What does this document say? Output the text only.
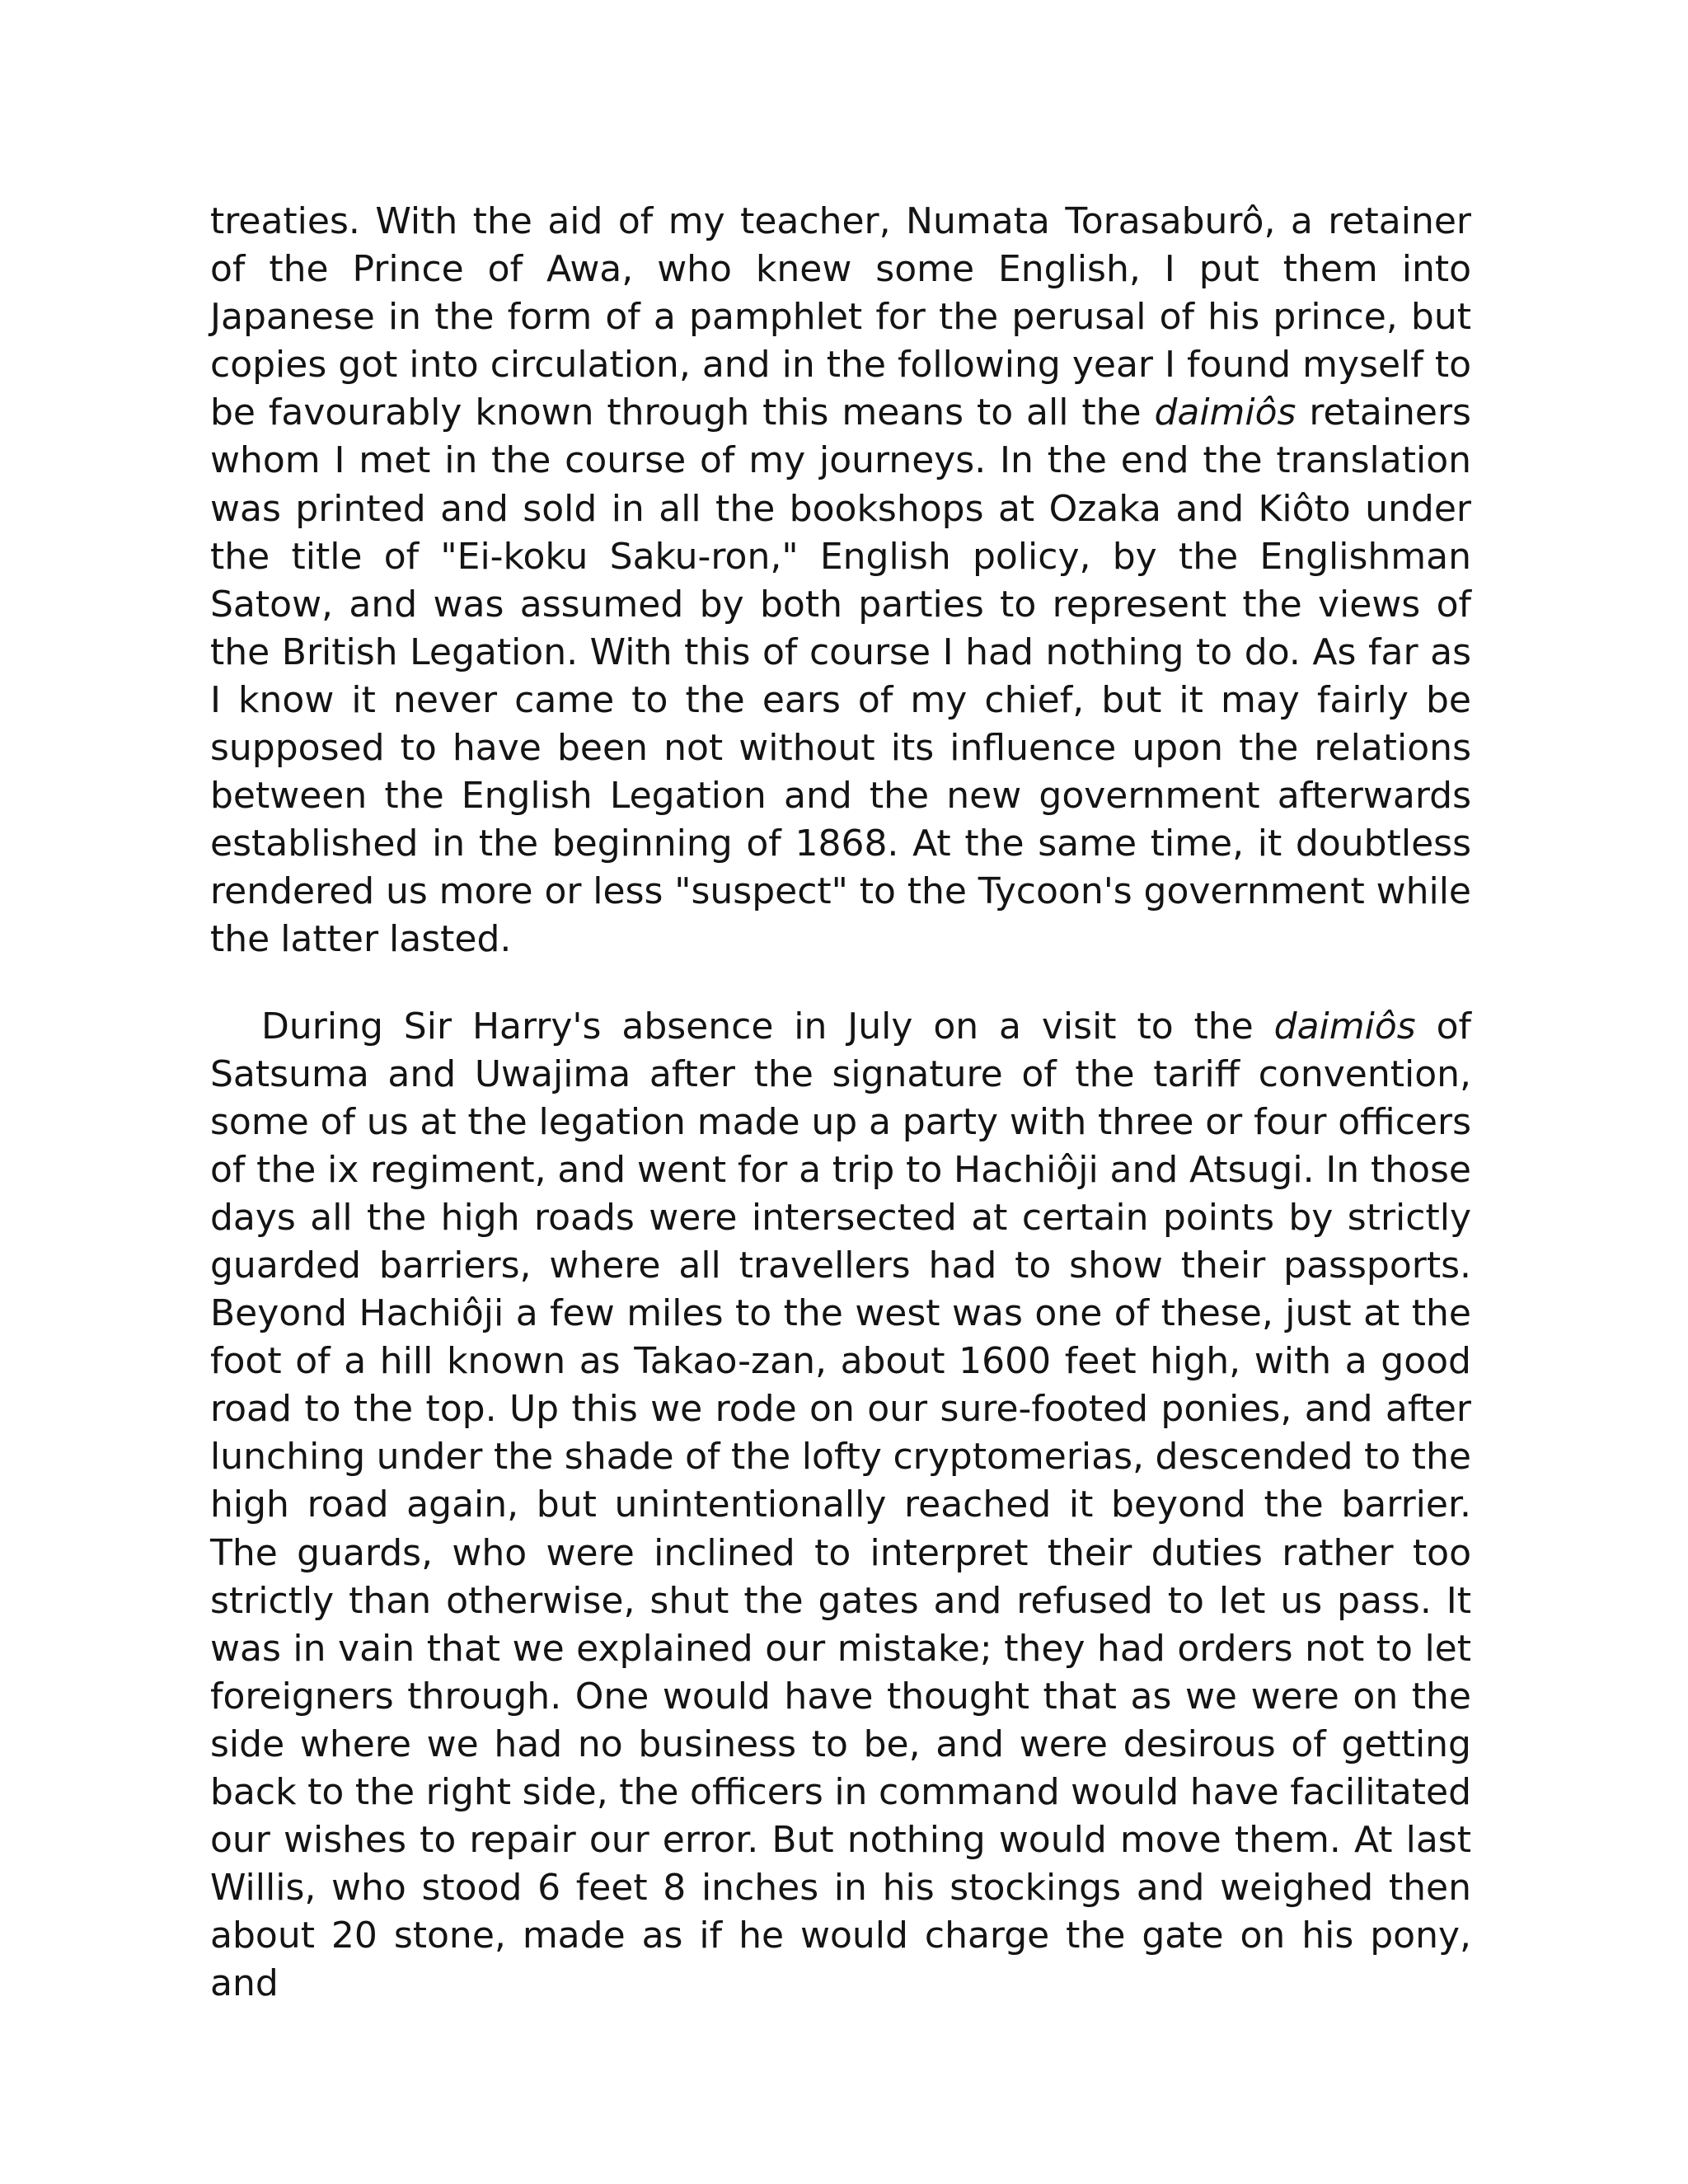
treaties. With the aid of my teacher, Numata Torasaburô, a retainer of the Prince of Awa, who knew some English, I put them into Japanese in the form of a pamphlet for the perusal of his prince, but copies got into circulation, and in the following year I found myself to be favourably known through this means to all the daimiôs retainers whom I met in the course of my journeys. In the end the translation was printed and sold in all the bookshops at Ozaka and Kiôto under the title of "Ei-koku Saku-ron," English policy, by the Englishman Satow, and was assumed by both parties to represent the views of the British Legation. With this of course I had nothing to do. As far as I know it never came to the ears of my chief, but it may fairly be supposed to have been not without its influence upon the relations between the English Legation and the new government afterwards established in the beginning of 1868. At the same time, it doubtless rendered us more or less "suspect" to the Tycoon's government while the latter lasted.

During Sir Harry's absence in July on a visit to the daimiôs of Satsuma and Uwajima after the signature of the tariff convention, some of us at the legation made up a party with three or four officers of the ix regiment, and went for a trip to Hachiôji and Atsugi. In those days all the high roads were intersected at certain points by strictly guarded barriers, where all travellers had to show their passports. Beyond Hachiôji a few miles to the west was one of these, just at the foot of a hill known as Takao-zan, about 1600 feet high, with a good road to the top. Up this we rode on our sure-footed ponies, and after lunching under the shade of the lofty cryptomerias, descended to the high road again, but unintentionally reached it beyond the barrier. The guards, who were inclined to interpret their duties rather too strictly than otherwise, shut the gates and refused to let us pass. It was in vain that we explained our mistake; they had orders not to let foreigners through. One would have thought that as we were on the side where we had no business to be, and were desirous of getting back to the right side, the officers in command would have facilitated our wishes to repair our error. But nothing would move them. At last Willis, who stood 6 feet 8 inches in his stockings and weighed then about 20 stone, made as if he would charge the gate on his pony, and
